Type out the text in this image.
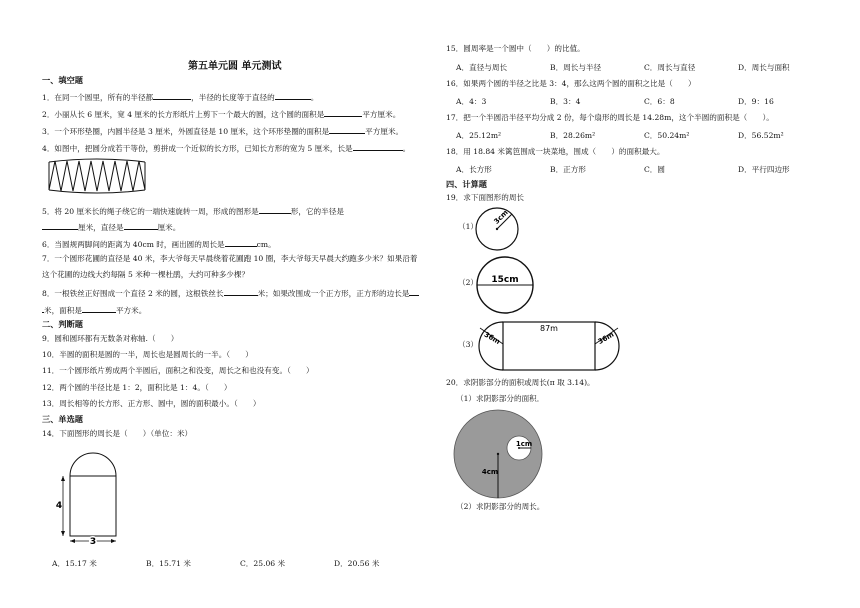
第五单元圆 单元测试
一、填空题
1．在同一个圆里，所有的半径都	，半径的长度等于直径的	。
2．小丽从长 6 厘米，宽 4 厘米的长方形纸片上剪下一个最大的圆，这个圆的面积是	平方厘米。
3．一个环形垫圈，内圆半径是 3 厘米，外圆直径是 10 厘米，这个环形垫圈的面积是	平方厘米。
4．如图中，把圆分成若干等份，剪拼成一个近似的长方形，已知长方形的宽为 5 厘米，长是	。
5．将 20 厘米长的绳子绕它的一端快速旋转一周，形成的图形是	形，它的半径是
厘米，直径是	厘米。
6．当圆规两脚间的距离为 40cm 时，画出圆的周长是	cm。
7．一个圆形花圃的直径是 40 米，李大爷每天早晨绕着花圃跑 10 圈，李大爷每天早晨大约跑多少米？如果沿着
这个花圃的边线大约每隔 5 米种一棵杜鹃，大约可种多少棵？
8．一根铁丝正好围成一个直径 2 米的圆，这根铁丝长	米；如果改围成一个正方形，正方形的边长是
米，面积是	平方米。
二、判断题
9．圆和圆环都有无数条对称轴.（　　）
10．半圆的面积是圆的一半，周长也是圆周长的一半。（　　）
11．一个圆形纸片剪成两个半圆后，面积之和没变，周长之和也没有变。（　　）
12．两个圆的半径比是 1：2，面积比是 1：4。（　　）
13．周长相等的长方形、正方形、圆中，圆的面积最小。（　　）
三、单选题
14．下面图形的周长是（　　）（单位：米）
4
3
A．15.17 米	B．15.71 米	C．25.06 米	D．20.56 米
15．圆周率是一个圆中（　　）的比值。
A．直径与周长	B．周长与半径	C．周长与直径	D．周长与面积
16．如果两个圆的半径之比是 3：4，那么这两个圆的面积之比是（　　）
A．4：3	B．3：4	C．6：8	D．9：16
17．把一个半圆沿半径平均分成 2 份，每个扇形的周长是 14.28m，这个半圆的面积是（　　）。
A．25.12m²	B．28.26m²	C．50.24m²	D．56.52m²
18．用 18.84 米篱笆围成一块菜地，围成（　　）的面积最大。
A．长方形	B．正方形	C．圆	D．平行四边形
四、计算题
19．求下面图形的周长
（1）
3cm
（2） 15cm
（3）
87m
36m	36m
20．求阴影部分的面积或周长(π 取 3.14)。
（1）求阴影部分的面积．
1cm
4cm
（2）求阴影部分的周长。
